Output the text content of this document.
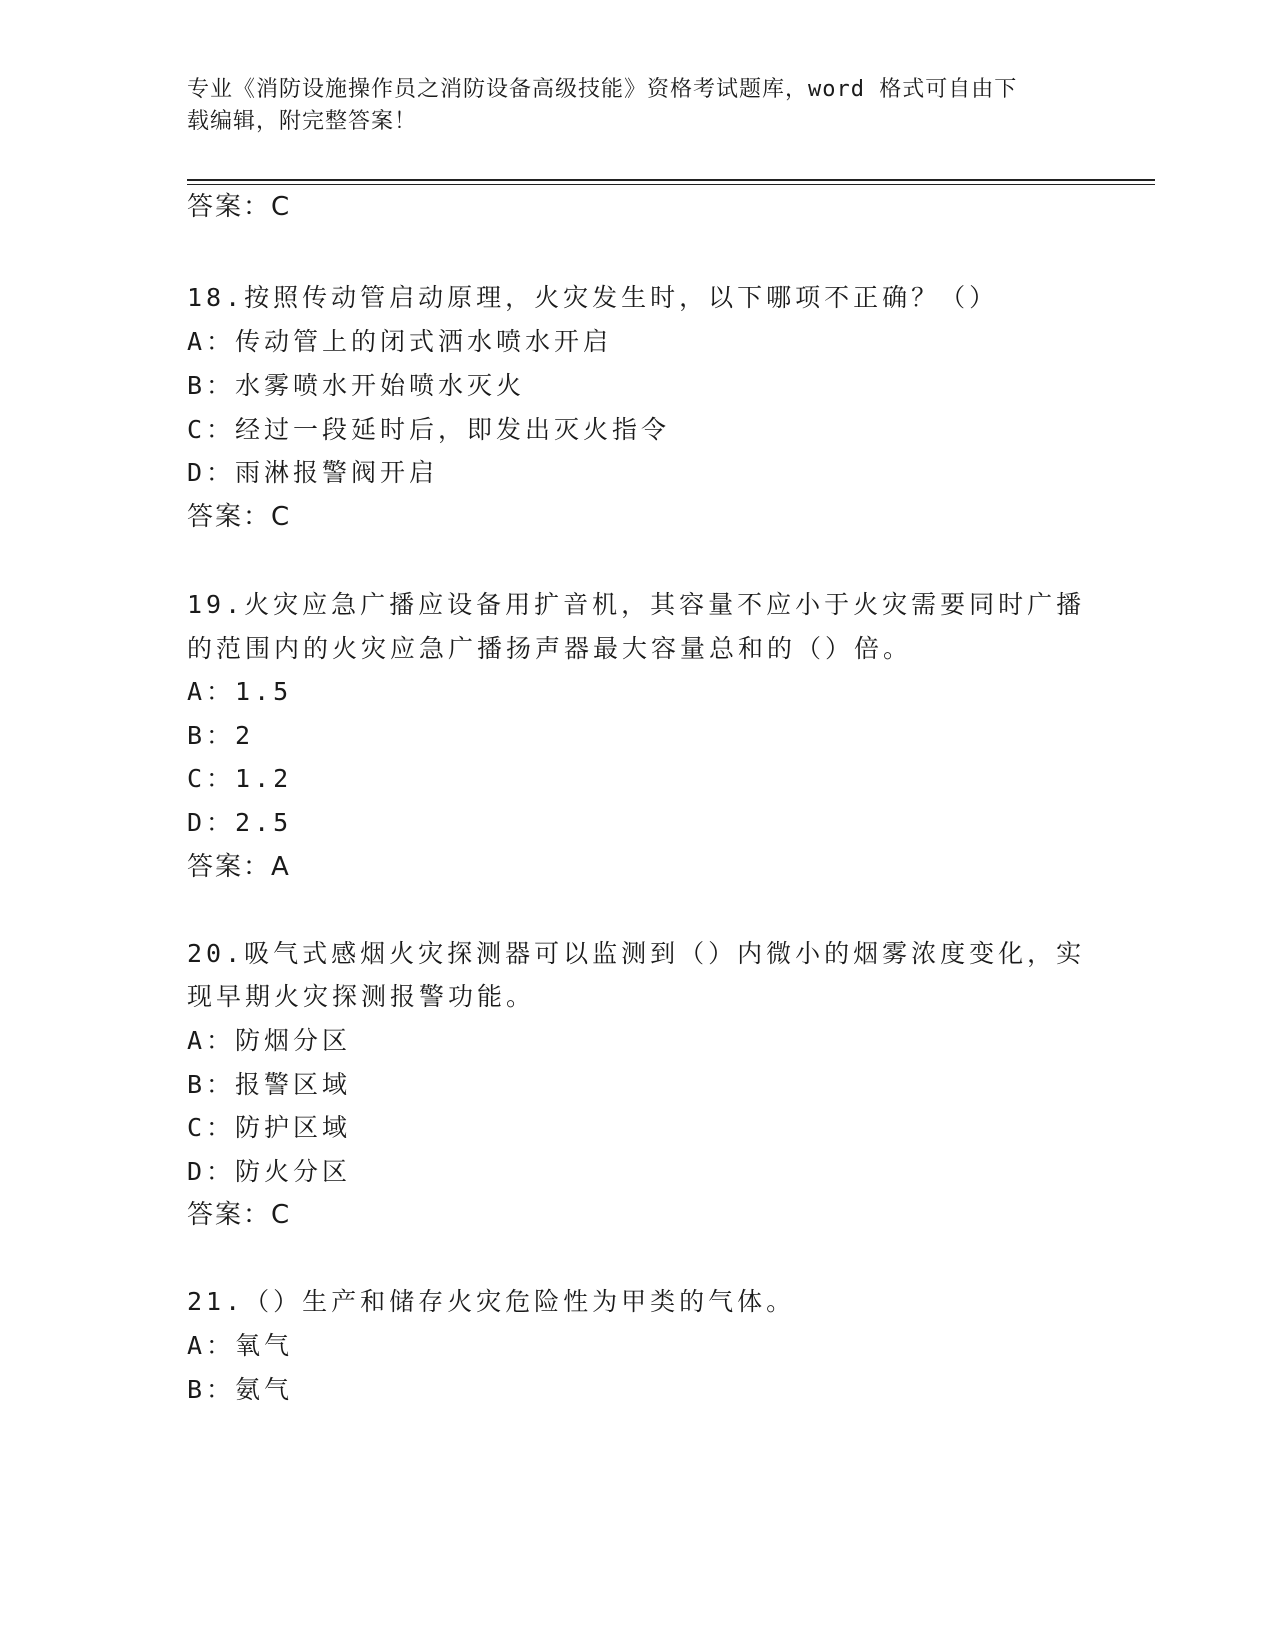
专业《消防设施操作员之消防设备高级技能》资格考试题库，word 格式可自由下
载编辑，附完整答案！
答案：C
18.按照传动管启动原理，火灾发生时，以下哪项不正确？（）
A：传动管上的闭式洒水喷水开启
B：水雾喷水开始喷水灭火
C：经过一段延时后，即发出灭火指令
D：雨淋报警阀开启
答案：C
19.火灾应急广播应设备用扩音机，其容量不应小于火灾需要同时广播
的范围内的火灾应急广播扬声器最大容量总和的（）倍。
A：1.5
B：2
C：1.2
D：2.5
答案：A
20.吸气式感烟火灾探测器可以监测到（）内微小的烟雾浓度变化，实
现早期火灾探测报警功能。
A：防烟分区
B：报警区域
C：防护区域
D：防火分区
答案：C
21.（）生产和储存火灾危险性为甲类的气体。
A：氧气
B：氨气
